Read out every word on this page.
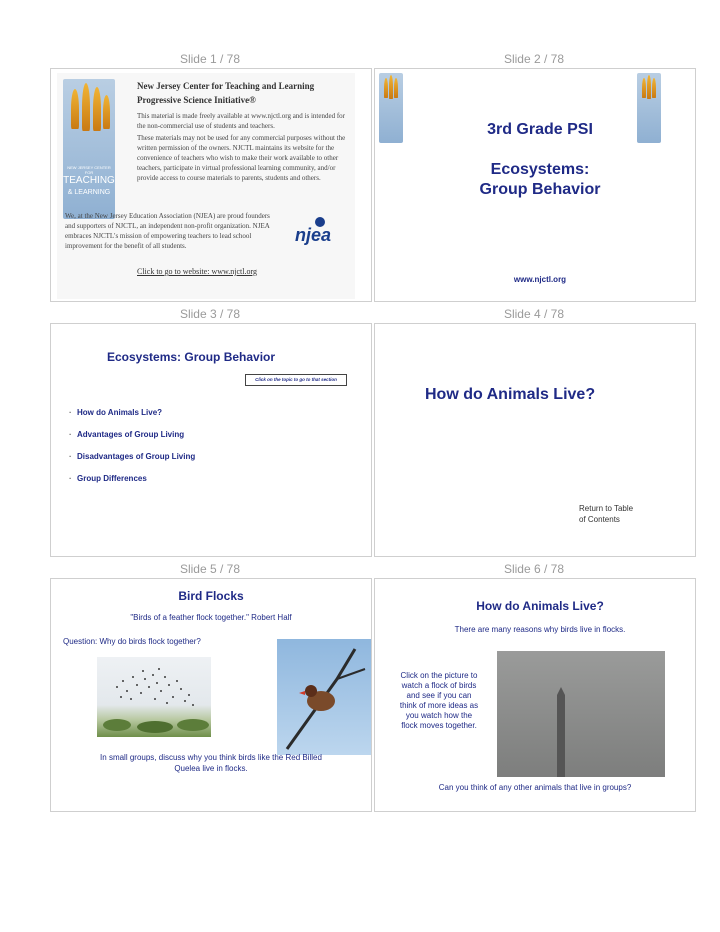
Slide 1 / 78	Slide 2 / 78
Slide 3 / 78	Slide 4 / 78
Slide 5 / 78	Slide 6 / 78
NEW JERSEY CENTER FOR
TEACHING
& LEARNING
New Jersey Center for Teaching and Learning
Progressive Science Initiative®

This material is made freely available at www.njctl.org and is intended for the non-commercial use of students and teachers.

These materials may not be used for any commercial purposes without the written permission of the owners. NJCTL maintains its website for the convenience of teachers who wish to make their work available to other teachers, participate in virtual professional learning community, and/or provide access to course materials to parents, students and others.

We, at the New Jersey Education Association (NJEA) are proud founders and supporters of NJCTL, an independent non-profit organization. NJEA embraces NJCTL's mission of empowering teachers to lead school improvement for the benefit of all students.

njea
Click to go to website: www.njctl.org
3rd Grade PSI
Ecosystems:
Group Behavior
www.njctl.org
Ecosystems: Group Behavior
Click on the topic to go to that section
· How do Animals Live?
· Advantages of Group Living
· Disadvantages of Group Living
· Group Differences
How do Animals Live?
Return to Table
of Contents
Bird Flocks
"Birds of a feather flock together." Robert Half
Question: Why do birds flock together?
In small groups, discuss why you think birds like the Red Billed
Quelea live in flocks.
How do Animals Live?
There are many reasons why birds live in flocks.
Click on the picture to
watch a flock of birds
and see if you can
think of more ideas as
you watch how the
flock moves together.
Can you think of any other animals that live in groups?
